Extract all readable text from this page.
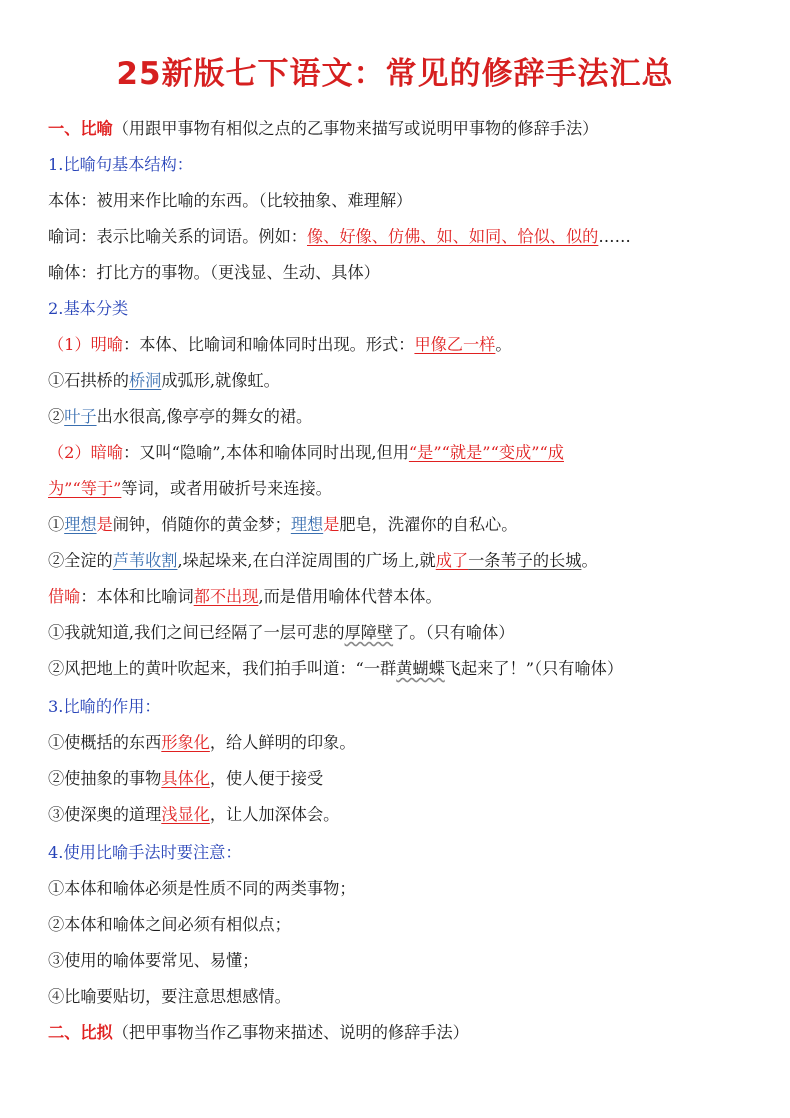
25新版七下语文：常见的修辞手法汇总
一、比喻（用跟甲事物有相似之点的乙事物来描写或说明甲事物的修辞手法）
1.比喻句基本结构：
本体：被用来作比喻的东西。（比较抽象、难理解）
喻词：表示比喻关系的词语。例如：像、好像、仿佛、如、如同、恰似、似的……
喻体：打比方的事物。（更浅显、生动、具体）
2.基本分类
（1）明喻：本体、比喻词和喻体同时出现。形式：甲像乙一样。
①石拱桥的桥洞成弧形,就像虹。
②叶子出水很高,像亭亭的舞女的裙。
（2）暗喻：又叫“隐喻”,本体和喻体同时出现,但用“是”“就是”“变成”“成
为”“等于”等词，或者用破折号来连接。
①理想是闹钟，俏随你的黄金梦；理想是肥皂，洗濯你的自私心。
②全淀的芦苇收割,垛起垛来,在白洋淀周围的广场上,就成了一条苇子的长城。
借喻：本体和比喻词都不出现,而是借用喻体代替本体。
①我就知道,我们之间已经隔了一层可悲的厚障壁了。（只有喻体）
②风把地上的黄叶吹起来，我们拍手叫道：“一群黄蝴蝶飞起来了！”（只有喻体）
3.比喻的作用：
①使概括的东西形象化，给人鲜明的印象。
②使抽象的事物具体化，使人便于接受
③使深奥的道理浅显化，让人加深体会。
4.使用比喻手法时要注意：
①本体和喻体必须是性质不同的两类事物；
②本体和喻体之间必须有相似点；
③使用的喻体要常见、易懂；
④比喻要贴切，要注意思想感情。
二、比拟（把甲事物当作乙事物来描述、说明的修辞手法）
